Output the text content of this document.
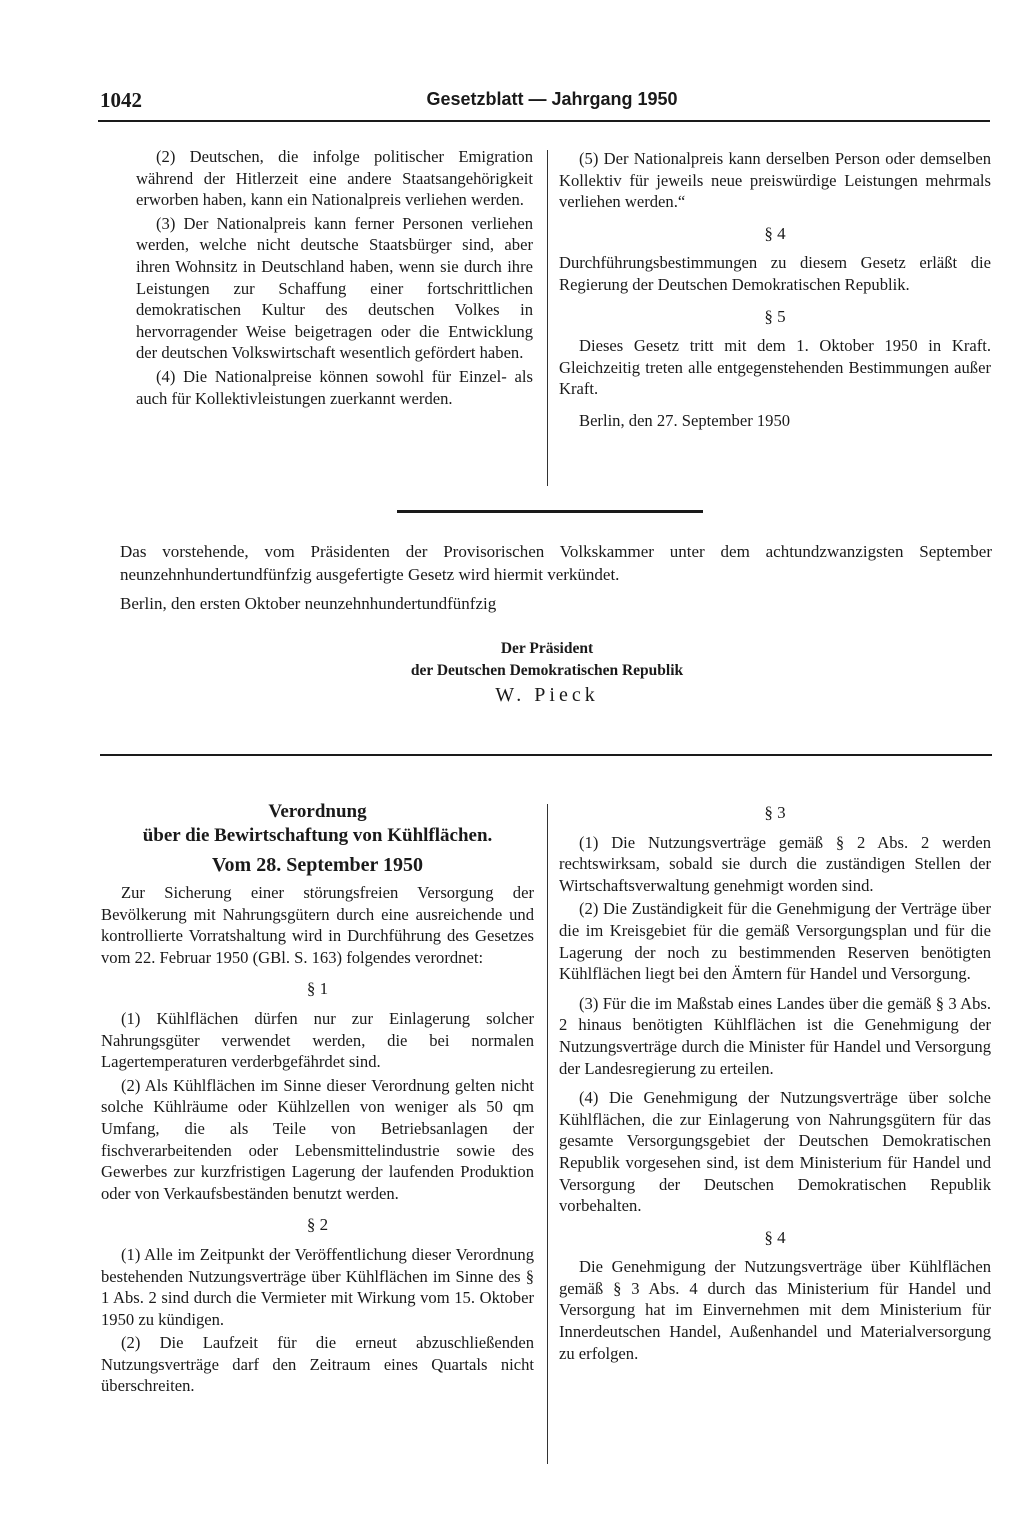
1042	Gesetzblatt — Jahrgang 1950

(2) Deutschen, die infolge politischer Emigration während der Hitlerzeit eine andere Staatsangehörigkeit erworben haben, kann ein Nationalpreis verliehen werden.

(3) Der Nationalpreis kann ferner Personen verliehen werden, welche nicht deutsche Staatsbürger sind, aber ihren Wohnsitz in Deutschland haben, wenn sie durch ihre Leistungen zur Schaffung einer fortschrittlichen demokratischen Kultur des deutschen Volkes in hervorragender Weise beigetragen oder die Entwicklung der deutschen Volkswirtschaft wesentlich gefördert haben.

(4) Die Nationalpreise können sowohl für Einzel- als auch für Kollektivleistungen zuerkannt werden.

(5) Der Nationalpreis kann derselben Person oder demselben Kollektiv für jeweils neue preiswürdige Leistungen mehrmals verliehen werden.“

§ 4

Durchführungsbestimmungen zu diesem Gesetz erläßt die Regierung der Deutschen Demokratischen Republik.

§ 5

Dieses Gesetz tritt mit dem 1. Oktober 1950 in Kraft. Gleichzeitig treten alle entgegenstehenden Bestimmungen außer Kraft.

Berlin, den 27. September 1950

Das vorstehende, vom Präsidenten der Provisorischen Volkskammer unter dem achtundzwanzigsten September neunzehnhundertundfünfzig ausgefertigte Gesetz wird hiermit verkündet.

Berlin, den ersten Oktober neunzehnhundertundfünfzig

Der Präsident
der Deutschen Demokratischen Republik
W. Pieck
Verordnung
über die Bewirtschaftung von Kühlflächen.
Vom 28. September 1950

Zur Sicherung einer störungsfreien Versorgung der Bevölkerung mit Nahrungsgütern durch eine ausreichende und kontrollierte Vorratshaltung wird in Durchführung des Gesetzes vom 22. Februar 1950 (GBl. S. 163) folgendes verordnet:

§ 1

(1) Kühlflächen dürfen nur zur Einlagerung solcher Nahrungsgüter verwendet werden, die bei normalen Lagertemperaturen verderbgefährdet sind.

(2) Als Kühlflächen im Sinne dieser Verordnung gelten nicht solche Kühlräume oder Kühlzellen von weniger als 50 qm Umfang, die als Teile von Betriebsanlagen der fischverarbeitenden oder Lebensmittelindustrie sowie des Gewerbes zur kurzfristigen Lagerung der laufenden Produktion oder von Verkaufsbeständen benutzt werden.

§ 2

(1) Alle im Zeitpunkt der Veröffentlichung dieser Verordnung bestehenden Nutzungsverträge über Kühlflächen im Sinne des § 1 Abs. 2 sind durch die Vermieter mit Wirkung vom 15. Oktober 1950 zu kündigen.

(2) Die Laufzeit für die erneut abzuschließenden Nutzungsverträge darf den Zeitraum eines Quartals nicht überschreiten.

§ 3

(1) Die Nutzungsverträge gemäß § 2 Abs. 2 werden rechtswirksam, sobald sie durch die zuständigen Stellen der Wirtschaftsverwaltung genehmigt worden sind.

(2) Die Zuständigkeit für die Genehmigung der Verträge über die im Kreisgebiet für die gemäß Versorgungsplan und für die Lagerung der noch zu bestimmenden Reserven benötigten Kühlflächen liegt bei den Ämtern für Handel und Versorgung.

(3) Für die im Maßstab eines Landes über die gemäß § 3 Abs. 2 hinaus benötigten Kühlflächen ist die Genehmigung der Nutzungsverträge durch die Minister für Handel und Versorgung der Landesregierung zu erteilen.

(4) Die Genehmigung der Nutzungsverträge über solche Kühlflächen, die zur Einlagerung von Nahrungsgütern für das gesamte Versorgungsgebiet der Deutschen Demokratischen Republik vorgesehen sind, ist dem Ministerium für Handel und Versorgung der Deutschen Demokratischen Republik vorbehalten.

§ 4

Die Genehmigung der Nutzungsverträge über Kühlflächen gemäß § 3 Abs. 4 durch das Ministerium für Handel und Versorgung hat im Einvernehmen mit dem Ministerium für Innerdeutschen Handel, Außenhandel und Materialversorgung zu erfolgen.
